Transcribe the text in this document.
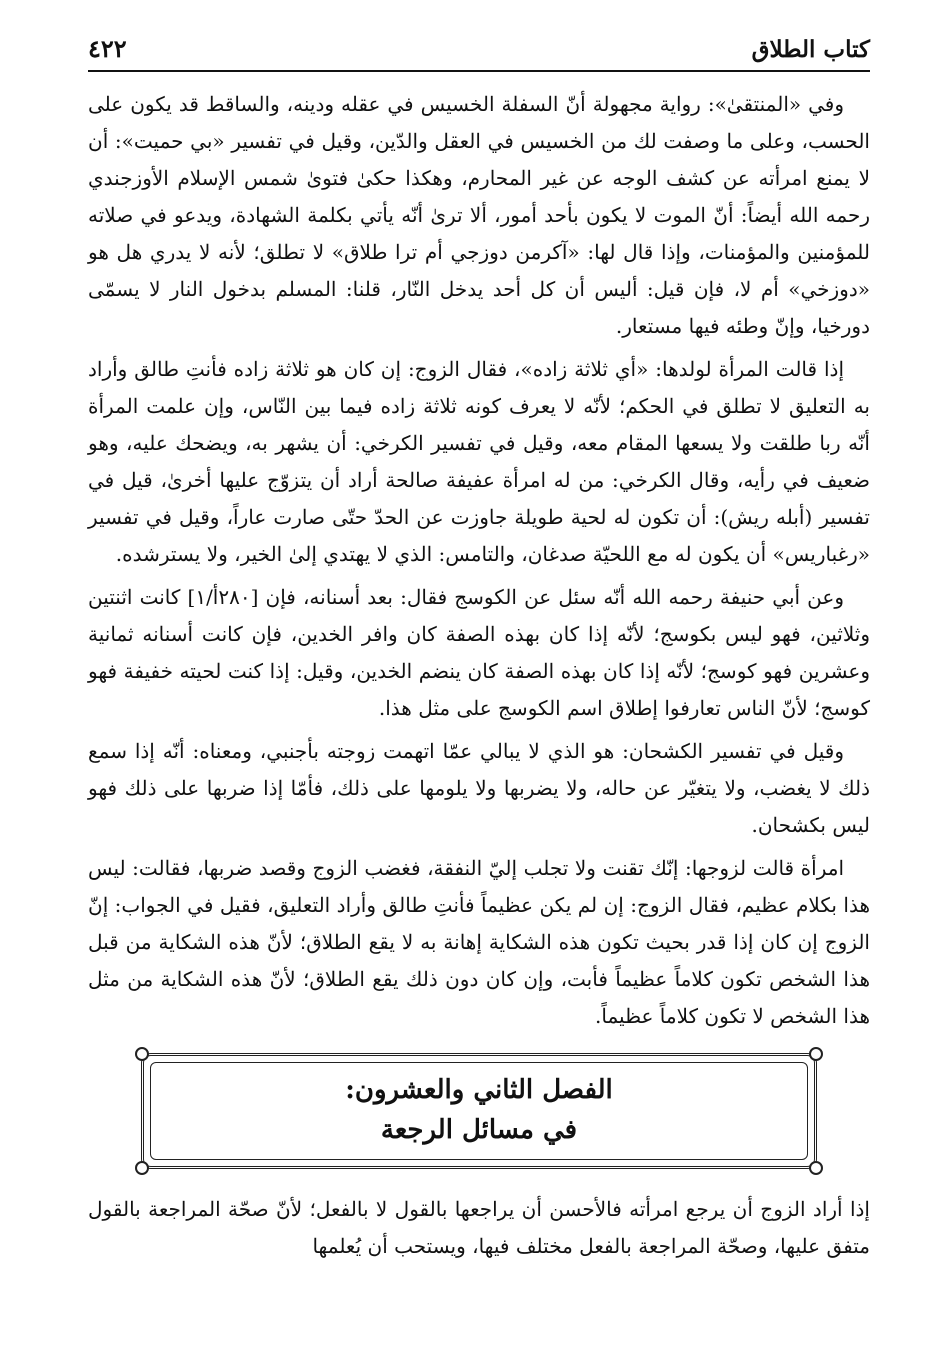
كتاب الطلاق
٤٢٢

وفي «المنتقىٰ»: رواية مجهولة أنّ السفلة الخسيس في عقله ودينه، والساقط قد يكون على الحسب، وعلى ما وصفت لك من الخسيس في العقل والدّين، وقيل في تفسير «بي حميت»: أن لا يمنع امرأته عن كشف الوجه عن غير المحارم، وهكذا حكىٰ فتوىٰ شمس الإسلام الأوزجندي رحمه الله أيضاً: أنّ الموت لا يكون بأحد أمور، ألا ترىٰ أنّه يأتي بكلمة الشهادة، ويدعو في صلاته للمؤمنين والمؤمنات، وإذا قال لها: «آكرمن دوزجي أم ترا طلاق» لا تطلق؛ لأنه لا يدري هل هو «دوزخي» أم لا، فإن قيل: أليس أن كل أحد يدخل النّار، قلنا: المسلم بدخول النار لا يسمّى دورخيا، وإنّ وطئه فيها مستعار.

إذا قالت المرأة لولدها: «أي ثلاثة زاده»، فقال الزوج: إن كان هو ثلاثة زاده فأنتِ طالق وأراد به التعليق لا تطلق في الحكم؛ لأنّه لا يعرف كونه ثلاثة زاده فيما بين النّاس، وإن علمت المرأة أنّه ربا طلقت ولا يسعها المقام معه، وقيل في تفسير الكرخي: أن يشهر به، ويضحك عليه، وهو ضعيف في رأيه، وقال الكرخي: من له امرأة عفيفة صالحة أراد أن يتزوّج عليها أخرىٰ، قيل في تفسير (أبله ريش): أن تكون له لحية طويلة جاوزت عن الحدّ حتّى صارت عاراً، وقيل في تفسير «رغباريس» أن يكون له مع اللحيّة صدغان، والتامس: الذي لا يهتدي إلىٰ الخير، ولا يسترشده.

وعن أبي حنيفة رحمه الله أنّه سئل عن الكوسج فقال: بعد أسنانه، فإن [٢٨٠أ/١] كانت اثنتين وثلاثين، فهو ليس بكوسج؛ لأنّه إذا كان بهذه الصفة كان وافر الخدين، فإن كانت أسنانه ثمانية وعشرين فهو كوسج؛ لأنّه إذا كان بهذه الصفة كان ينضم الخدين، وقيل: إذا كنت لحيته خفيفة فهو كوسج؛ لأنّ الناس تعارفوا إطلاق اسم الكوسج على مثل هذا.

وقيل في تفسير الكشحان: هو الذي لا يبالي عمّا اتهمت زوجته بأجنبي، ومعناه: أنّه إذا سمع ذلك لا يغضب، ولا يتغيّر عن حاله، ولا يضربها ولا يلومها على ذلك، فأمّا إذا ضربها على ذلك فهو ليس بكشحان.

امرأة قالت لزوجها: إنّك تقنت ولا تجلب إليّ النفقة، فغضب الزوج وقصد ضربها، فقالت: ليس هذا بكلام عظيم، فقال الزوج: إن لم يكن عظيماً فأنتِ طالق وأراد التعليق، فقيل في الجواب: إنّ الزوج إن كان إذا قدر بحيث تكون هذه الشكاية إهانة به لا يقع الطلاق؛ لأنّ هذه الشكاية من قبل هذا الشخص تكون كلاماً عظيماً فأبت، وإن كان دون ذلك يقع الطلاق؛ لأنّ هذه الشكاية من مثل هذا الشخص لا تكون كلاماً عظيماً.

الفصل الثاني والعشرون:
في مسائل الرجعة

إذا أراد الزوج أن يرجع امرأته فالأحسن أن يراجعها بالقول لا بالفعل؛ لأنّ صحّة المراجعة بالقول متفق عليها، وصحّة المراجعة بالفعل مختلف فيها، ويستحب أن يُعلمها
